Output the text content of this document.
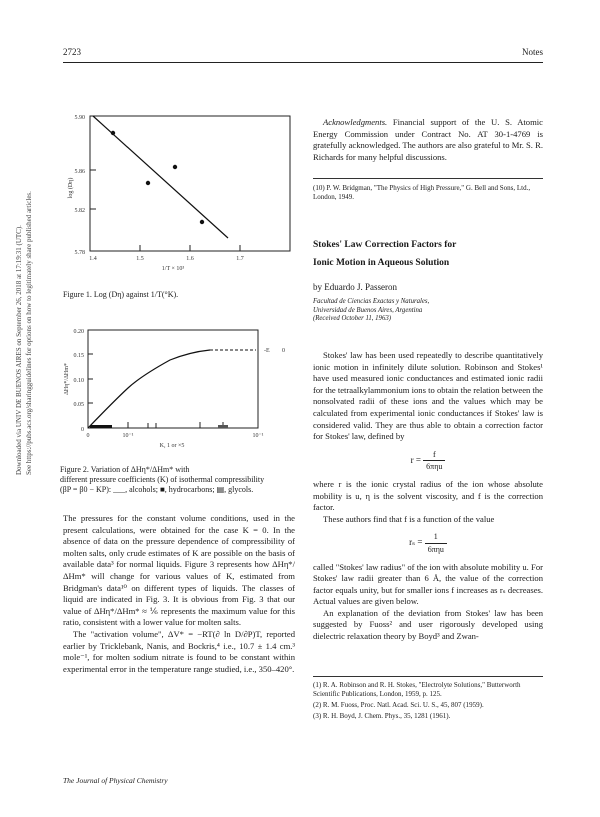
2723	Notes
Downloaded via UNIV DE BUENOS AIRES on September 26, 2018 at 17:19:31 (UTC). See https://pubs.acs.org/sharingguidelines for options on how to legitimately share published articles.
5.90
5.86
5.82
5.78
1.4	1.5	1.6	1.7
1/T × 10³
log (Dη)
Figure 1. Log (Dη) against 1/T(°K).
0.20
0.15
0.10
0.05
0
ΔHη*/ΔHm*
0	10⁻¹	10⁻¹
K, 1 or ×5
-E 0
Figure 2. Variation of ΔHη*/ΔHm* with
different pressure coefficients (K) of isothermal compressibility
(βP = β0 − KP): ___, alcohols; ■, hydrocarbons; ▤, glycols.

The pressures for the constant volume conditions, used in the present calculations, were obtained for the case K = 0. In the absence of data on the pressure dependence of compressibility of molten salts, only crude estimates of K are possible on the basis of available data³ for normal liquids. Figure 3 represents how ΔHη*/ΔHm* will change for various values of K, estimated from Bridgman's data¹⁰ on different types of liquids. The classes of liquid are indicated in Fig. 3. It is obvious from Fig. 3 that our value of ΔHη*/ΔHm* ≈ ⅙ represents the maximum value for this ratio, consistent with a lower value for molten salts.

The "activation volume", ΔV* = −RT(∂ ln D/∂P)T, reported earlier by Tricklebank, Nanis, and Bockris,⁴ i.e., 10.7 ± 1.4 cm.³ mole⁻¹, for molten sodium nitrate is found to be constant within experimental error in the temperature range studied, i.e., 350–420°.

Acknowledgments. Financial support of the U. S. Atomic Energy Commission under Contract No. AT 30-1-4769 is gratefully acknowledged. The authors are also grateful to Mr. S. R. Richards for many helpful discussions.

(10) P. W. Bridgman, "The Physics of High Pressure," G. Bell and Sons, Ltd., London, 1949.
Stokes' Law Correction Factors for
Ionic Motion in Aqueous Solution
by Eduardo J. Passeron
Facultad de Ciencias Exactas y Naturales,
Universidad de Buenos Aires, Argentina
(Received October 11, 1963)

Stokes' law has been used repeatedly to describe quantitatively ionic motion in infinitely dilute solution. Robinson and Stokes¹ have used measured ionic conductances and estimated ionic radii for the tetraalkylammonium ions to obtain the relation between the nonsolvated radii of these ions and the values which may be calculated from experimental ionic conductances if Stokes' law is considered valid. They are thus able to obtain a correction factor for Stokes' law, defined by

$r = \frac{f}{\text{6πηu}}$

where r is the ionic crystal radius of the ion whose absolute mobility is u, η is the solvent viscosity, and f is the correction factor.

These authors find that f is a function of the value

$r_s = \frac{1}{\text{6πηu}}$

called "Stokes' law radius" of the ion with absolute mobility u. For Stokes' law radii greater than 6 Å, the value of the correction factor equals unity, but for smaller ions f increases as rₛ decreases. Actual values are given below.

An explanation of the deviation from Stokes' law has been suggested by Fuoss² and user rigorously developed using dielectric relaxation theory by Boyd³ and Zwan-

(1) R. A. Robinson and R. H. Stokes, "Electrolyte Solutions," Butterworth Scientific Publications, London, 1959, p. 125.
(2) R. M. Fuoss, Proc. Natl. Acad. Sci. U. S., 45, 807 (1959).
(3) R. H. Boyd, J. Chem. Phys., 35, 1281 (1961).
The Journal of Physical Chemistry
